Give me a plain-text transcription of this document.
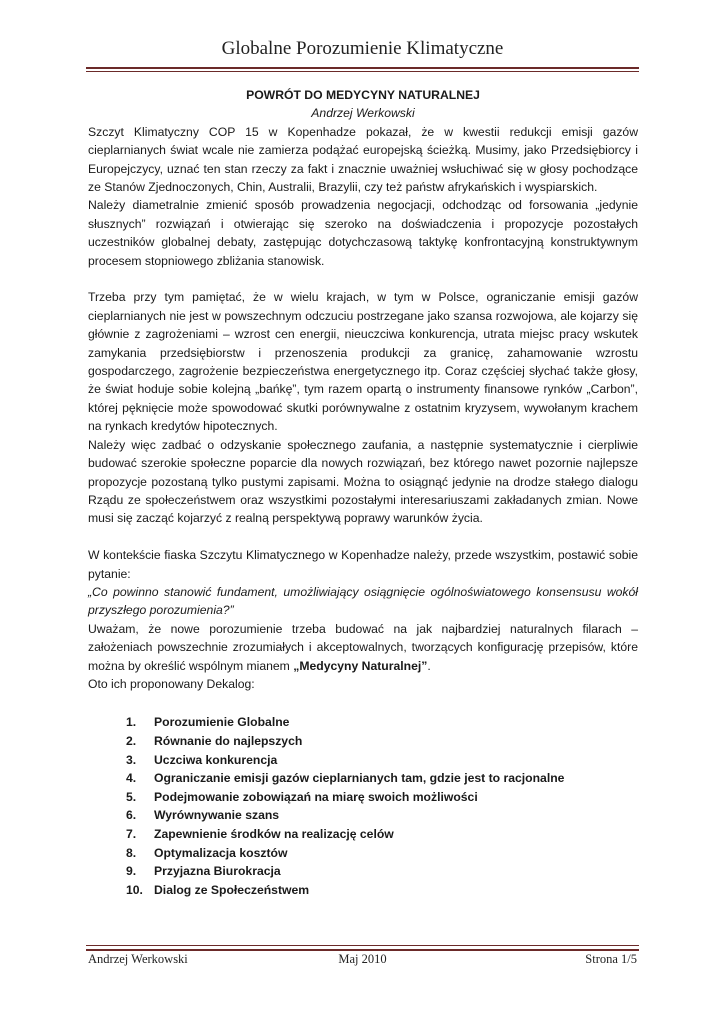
Globalne Porozumienie Klimatyczne

POWRÓT DO MEDYCYNY NATURALNEJ

Andrzej Werkowski

Szczyt Klimatyczny COP 15 w Kopenhadze pokazał, że w kwestii redukcji emisji gazów cieplarnianych świat wcale nie zamierza podążać europejską ścieżką. Musimy, jako Przedsiębiorcy i Europejczycy, uznać ten stan rzeczy za fakt i znacznie uważniej wsłuchiwać się w głosy pochodzące ze Stanów Zjednoczonych, Chin, Australii, Brazylii, czy też państw afrykańskich i wyspiarskich.

Należy diametralnie zmienić sposób prowadzenia negocjacji, odchodząc od forsowania „jedynie słusznych” rozwiązań i otwierając się szeroko na doświadczenia i propozycje pozostałych uczestników globalnej debaty, zastępując dotychczasową taktykę konfrontacyjną konstruktywnym procesem stopniowego zbliżania stanowisk.

Trzeba przy tym pamiętać, że w wielu krajach, w tym w Polsce, ograniczanie emisji gazów cieplarnianych nie jest w powszechnym odczuciu postrzegane jako szansa rozwojowa, ale kojarzy się głównie z zagrożeniami – wzrost cen energii, nieuczciwa konkurencja, utrata miejsc pracy wskutek zamykania przedsiębiorstw i przenoszenia produkcji za granicę, zahamowanie wzrostu gospodarczego, zagrożenie bezpieczeństwa energetycznego itp. Coraz częściej słychać także głosy, że świat hoduje sobie kolejną „bańkę”, tym razem opartą o instrumenty finansowe rynków „Carbon”, której pęknięcie może spowodować skutki porównywalne z ostatnim kryzysem, wywołanym krachem na rynkach kredytów hipotecznych.

Należy więc zadbać o odzyskanie społecznego zaufania, a następnie systematycznie i cierpliwie budować szerokie społeczne poparcie dla nowych rozwiązań, bez którego nawet pozornie najlepsze propozycje pozostaną tylko pustymi zapisami. Można to osiągnąć jedynie na drodze stałego dialogu Rządu ze społeczeństwem oraz wszystkimi pozostałymi interesariuszami zakładanych zmian. Nowe musi się zacząć kojarzyć z realną perspektywą poprawy warunków życia.

W kontekście fiaska Szczytu Klimatycznego w Kopenhadze należy, przede wszystkim, postawić sobie pytanie:

„Co powinno stanowić fundament, umożliwiający osiągnięcie ogólnoświatowego konsensusu wokół przyszłego porozumienia?”

Uważam, że nowe porozumienie trzeba budować na jak najbardziej naturalnych filarach – założeniach powszechnie zrozumiałych i akceptowalnych, tworzących konfigurację przepisów, które można by określić wspólnym mianem „Medycyny Naturalnej”.

Oto ich proponowany Dekalog:

1.	Porozumienie Globalne
2.	Równanie do najlepszych
3.	Uczciwa konkurencja
4.	Ograniczanie emisji gazów cieplarnianych tam, gdzie jest to racjonalne
5.	Podejmowanie zobowiązań na miarę swoich możliwości
6.	Wyrównywanie szans
7.	Zapewnienie środków na realizację celów
8.	Optymalizacja kosztów
9.	Przyjazna Biurokracja
10. Dialog ze Społeczeństwem
Andrzej Werkowski	Maj 2010	Strona 1/5
